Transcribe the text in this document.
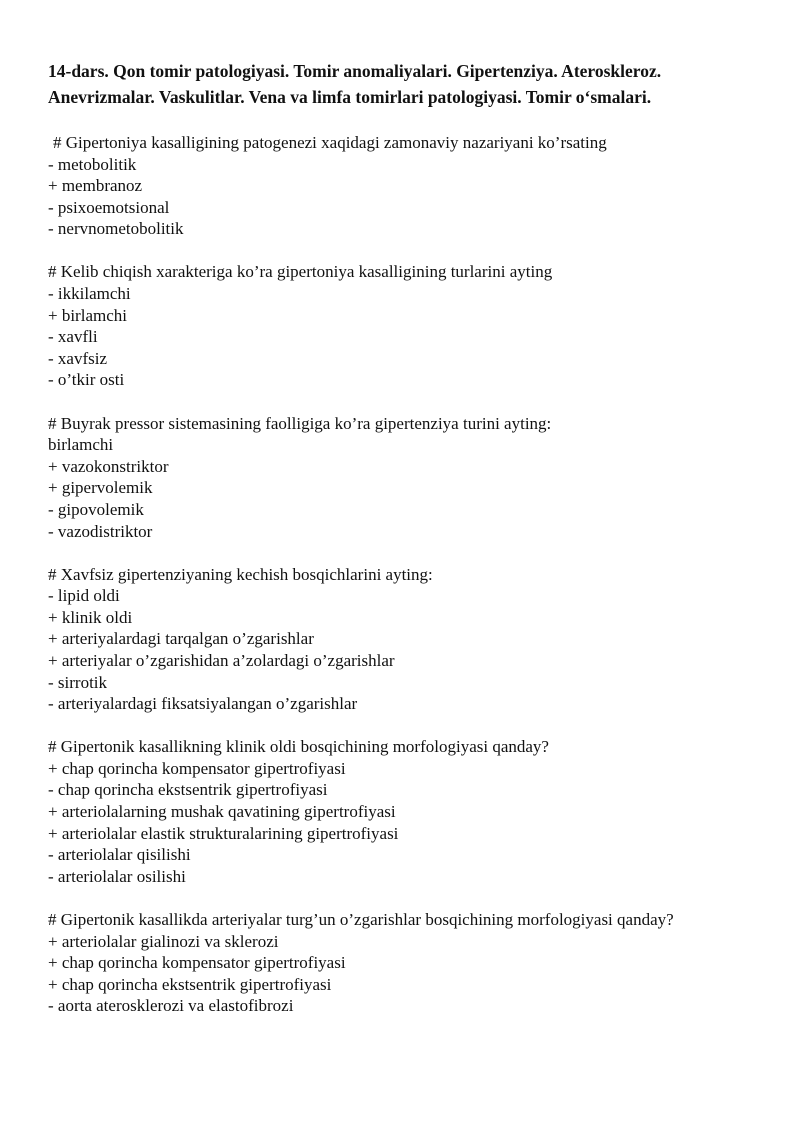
14-dars. Qon tomir patologiyasi. Tomir anomaliyalari. Gipertenziya. Ateroskleroz.
Anevrizmalar. Vaskulitlar. Vena va limfa tomirlari patologiyasi. Tomir o‘smalari.
# Gipertoniya kasalligining patogenezi xaqidagi zamonaviy nazariyani ko’rsating
- metobolitik
+ membranoz
- psixoemotsional
- nervnometobolitik
# Kelib chiqish xarakteriga ko’ra gipertoniya kasalligining turlarini ayting
- ikkilamchi
+ birlamchi
- xavfli
- xavfsiz
- o’tkir osti
# Buyrak pressor sistemasining faolligiga ko’ra gipertenziya turini ayting:
birlamchi
+ vazokonstriktor
+ gipervolemik
- gipovolemik
- vazodistriktor
# Xavfsiz gipertenziyaning kechish bosqichlarini ayting:
- lipid oldi
+ klinik oldi
+ arteriyalardagi tarqalgan o’zgarishlar
+ arteriyalar o’zgarishidan a’zolardagi o’zgarishlar
- sirrotik
- arteriyalardagi fiksatsiyalangan o’zgarishlar
# Gipertonik kasallikning klinik oldi bosqichining morfologiyasi qanday?
+ chap qorincha kompensator gipertrofiyasi
- chap qorincha ekstsentrik gipertrofiyasi
+ arteriolalarning mushak qavatining gipertrofiyasi
+ arteriolalar elastik strukturalarining gipertrofiyasi
- arteriolalar qisilishi
- arteriolalar osilishi
# Gipertonik kasallikda arteriyalar turg’un o’zgarishlar bosqichining morfologiyasi qanday?
+ arteriolalar gialinozi va sklerozi
+ chap qorincha kompensator gipertrofiyasi
+ chap qorincha ekstsentrik gipertrofiyasi
- aorta aterosklerozi va elastofibrozi
